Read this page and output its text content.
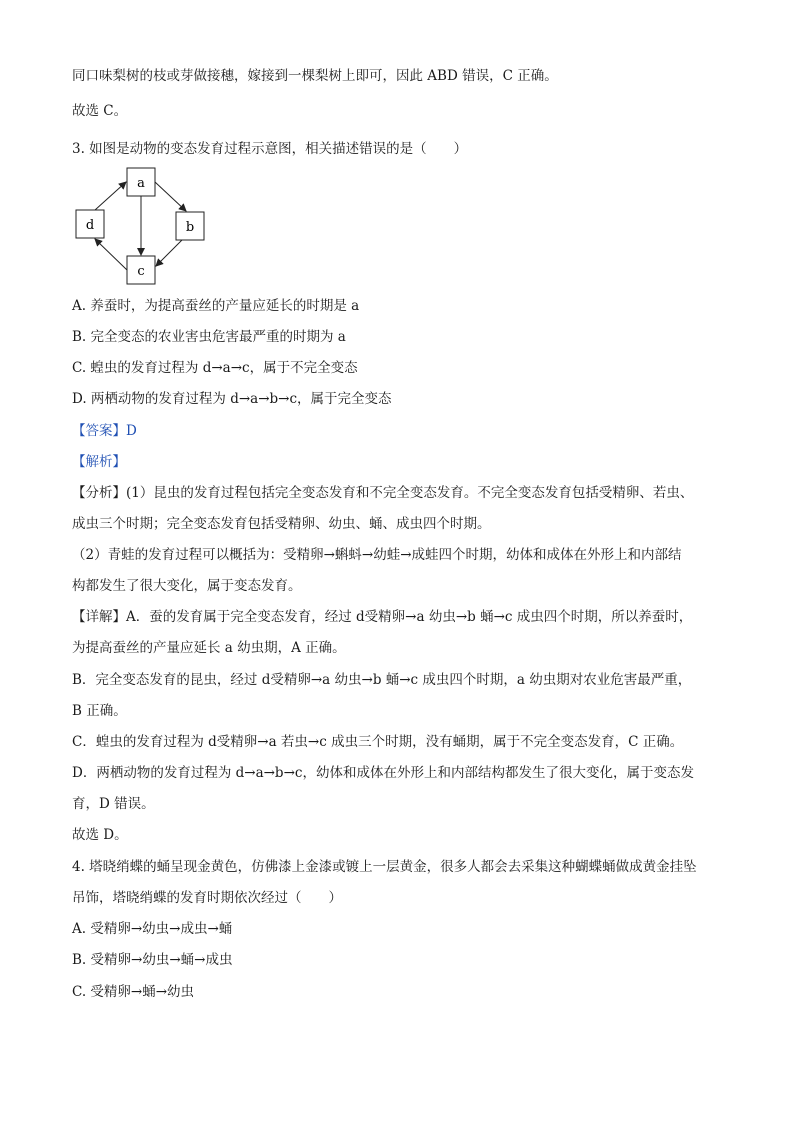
同口味梨树的枝或芽做接穗，嫁接到一棵梨树上即可，因此 ABD 错误，C 正确。
故选 C。
3. 如图是动物的变态发育过程示意图，相关描述错误的是（　　）
a
b
c
d
A. 养蚕时，为提高蚕丝的产量应延长的时期是 a
B. 完全变态的农业害虫危害最严重的时期为 a
C. 蝗虫的发育过程为 d→a→c，属于不完全变态
D. 两栖动物的发育过程为 d→a→b→c，属于完全变态
【答案】D
【解析】
【分析】(1）昆虫的发育过程包括完全变态发育和不完全变态发育。不完全变态发育包括受精卵、若虫、
成虫三个时期；完全变态发育包括受精卵、幼虫、蛹、成虫四个时期。
（2）青蛙的发育过程可以概括为：受精卵→蝌蚪→幼蛙→成蛙四个时期，幼体和成体在外形上和内部结
构都发生了很大变化，属于变态发育。
【详解】A．蚕的发育属于完全变态发育，经过 d受精卵→a 幼虫→b 蛹→c 成虫四个时期，所以养蚕时，
为提高蚕丝的产量应延长 a 幼虫期，A 正确。
B．完全变态发育的昆虫，经过 d受精卵→a 幼虫→b 蛹→c 成虫四个时期，a 幼虫期对农业危害最严重，
B 正确。
C．蝗虫的发育过程为 d受精卵→a 若虫→c 成虫三个时期，没有蛹期，属于不完全变态发育，C 正确。
D．两栖动物的发育过程为 d→a→b→c，幼体和成体在外形上和内部结构都发生了很大变化，属于变态发
育，D 错误。
故选 D。
4. 塔晓绡蝶的蛹呈现金黄色，仿佛漆上金漆或镀上一层黄金，很多人都会去采集这种蝴蝶蛹做成黄金挂坠
吊饰，塔晓绡蝶的发育时期依次经过（　　）
A. 受精卵→幼虫→成虫→蛹
B. 受精卵→幼虫→蛹→成虫
C. 受精卵→蛹→幼虫
